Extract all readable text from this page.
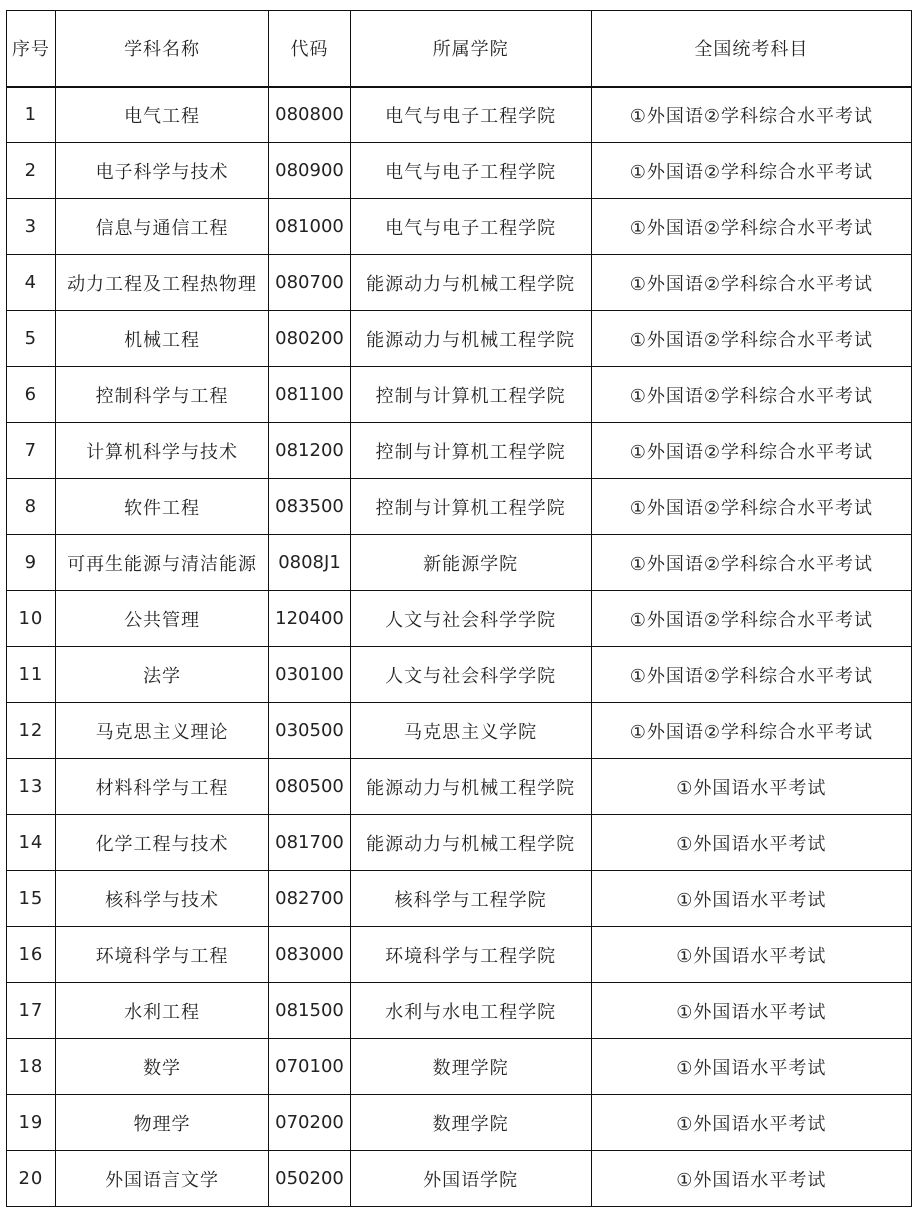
序号	学科名称	代码	所属学院	全国统考科目
1	电气工程	080800	电气与电子工程学院	①外国语②学科综合水平考试
2	电子科学与技术	080900	电气与电子工程学院	①外国语②学科综合水平考试
3	信息与通信工程	081000	电气与电子工程学院	①外国语②学科综合水平考试
4	动力工程及工程热物理	080700	能源动力与机械工程学院	①外国语②学科综合水平考试
5	机械工程	080200	能源动力与机械工程学院	①外国语②学科综合水平考试
6	控制科学与工程	081100	控制与计算机工程学院	①外国语②学科综合水平考试
7	计算机科学与技术	081200	控制与计算机工程学院	①外国语②学科综合水平考试
8	软件工程	083500	控制与计算机工程学院	①外国语②学科综合水平考试
9	可再生能源与清洁能源	0808J1	新能源学院	①外国语②学科综合水平考试
10	公共管理	120400	人文与社会科学学院	①外国语②学科综合水平考试
11	法学	030100	人文与社会科学学院	①外国语②学科综合水平考试
12	马克思主义理论	030500	马克思主义学院	①外国语②学科综合水平考试
13	材料科学与工程	080500	能源动力与机械工程学院	①外国语水平考试
14	化学工程与技术	081700	能源动力与机械工程学院	①外国语水平考试
15	核科学与技术	082700	核科学与工程学院	①外国语水平考试
16	环境科学与工程	083000	环境科学与工程学院	①外国语水平考试
17	水利工程	081500	水利与水电工程学院	①外国语水平考试
18	数学	070100	数理学院	①外国语水平考试
19	物理学	070200	数理学院	①外国语水平考试
20	外国语言文学	050200	外国语学院	①外国语水平考试
